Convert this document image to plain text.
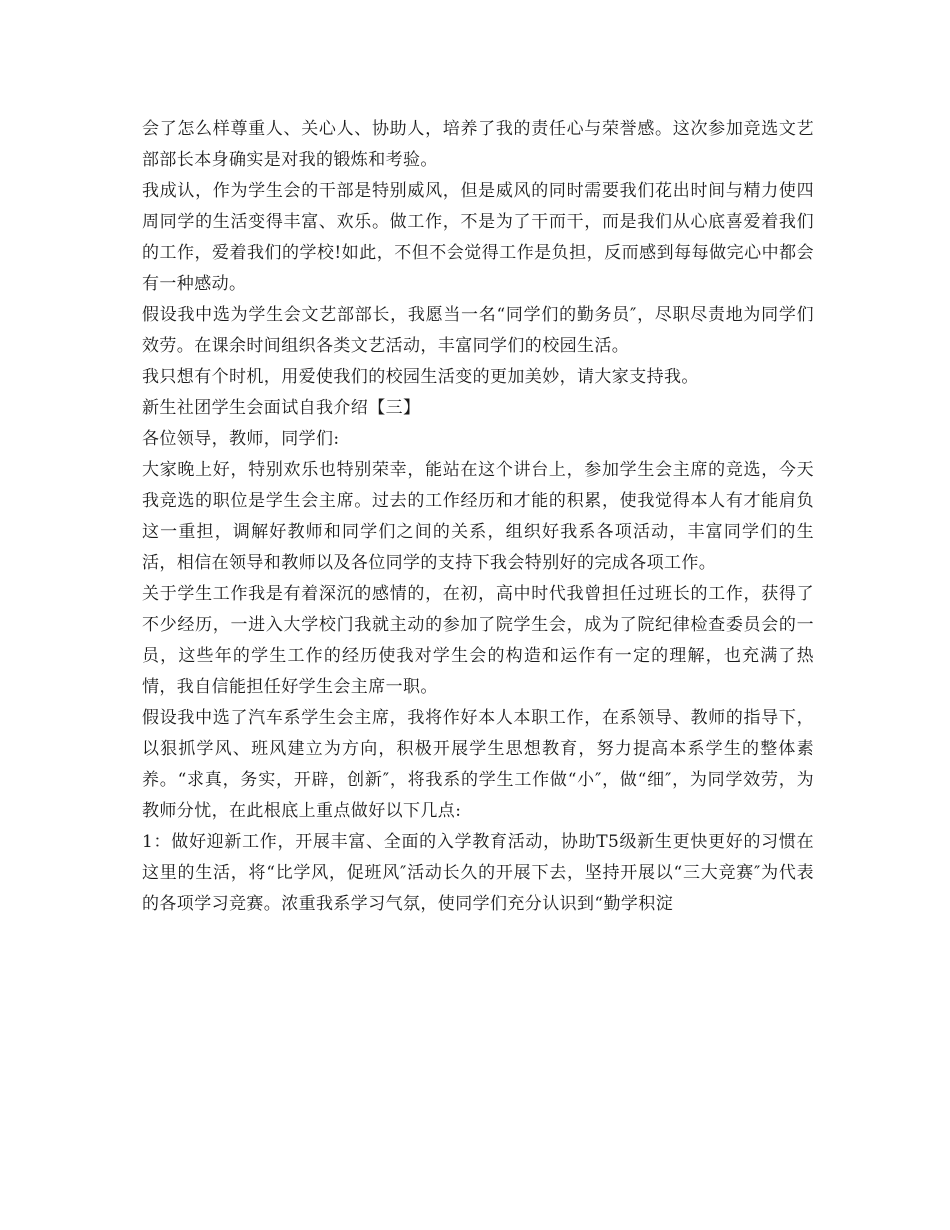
会了怎么样尊重人、关心人、协助人，培养了我的责任心与荣誉感。这次参加竞选文艺部部长本身确实是对我的锻炼和考验。

我成认，作为学生会的干部是特别威风，但是威风的同时需要我们花出时间与精力使四周同学的生活变得丰富、欢乐。做工作，不是为了干而干，而是我们从心底喜爱着我们的工作，爱着我们的学校!如此，不但不会觉得工作是负担，反而感到每每做完心中都会有一种感动。

假设我中选为学生会文艺部部长，我愿当一名“同学们的勤务员″，尽职尽责地为同学们效劳。在课余时间组织各类文艺活动，丰富同学们的校园生活。

我只想有个时机，用爱使我们的校园生活变的更加美妙，请大家支持我。

新生社团学生会面试自我介绍【三】

各位领导，教师，同学们:

大家晚上好，特别欢乐也特别荣幸，能站在这个讲台上，参加学生会主席的竞选，今天我竞选的职位是学生会主席。过去的工作经历和才能的积累，使我觉得本人有才能肩负这一重担，调解好教师和同学们之间的关系，组织好我系各项活动，丰富同学们的生活，相信在领导和教师以及各位同学的支持下我会特别好的完成各项工作。

关于学生工作我是有着深沉的感情的，在初，高中时代我曾担任过班长的工作，获得了不少经历，一进入大学校门我就主动的参加了院学生会，成为了院纪律检查委员会的一员，这些年的学生工作的经历使我对学生会的构造和运作有一定的理解，也充满了热情，我自信能担任好学生会主席一职。

假设我中选了汽车系学生会主席，我将作好本人本职工作，在系领导、教师的指导下，以狠抓学风、班风建立为方向，积极开展学生思想教育，努力提高本系学生的整体素养。“求真，务实，开辟，创新″，将我系的学生工作做“小″，做“细″，为同学效劳，为教师分忧，在此根底上重点做好以下几点:

1：做好迎新工作，开展丰富、全面的入学教育活动，协助T5级新生更快更好的习惯在这里的生活，将“比学风，促班风″活动长久的开展下去，坚持开展以“三大竞赛″为代表的各项学习竞赛。浓重我系学习气氛，使同学们充分认识到“勤学积淀
